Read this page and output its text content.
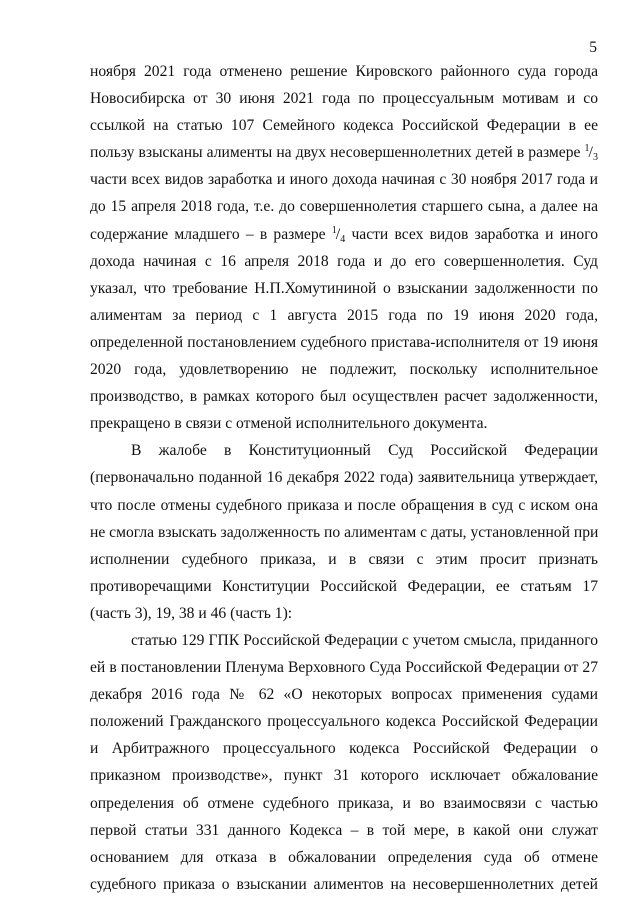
5
ноября 2021 года отменено решение Кировского районного суда города
Новосибирска от 30 июня 2021 года по процессуальным мотивам и со
ссылкой на статью 107 Семейного кодекса Российской Федерации в ее
пользу взысканы алименты на двух несовершеннолетних детей в размере $^1/_3$
части всех видов заработка и иного дохода начиная с 30 ноября 2017 года и
до 15 апреля 2018 года, т.е. до совершеннолетия старшего сына, а далее на
содержание младшего – в размере $^1/_4$ части всех видов заработка и иного
дохода начиная с 16 апреля 2018 года и до его совершеннолетия. Суд
указал, что требование Н.П.Хомутининой о взыскании задолженности по
алиментам за период с 1 августа 2015 года по 19 июня 2020 года,
определенной постановлением судебного пристава-исполнителя от 19 июня
2020 года, удовлетворению не подлежит, поскольку исполнительное
производство, в рамках которого был осуществлен расчет задолженности,
прекращено в связи с отменой исполнительного документа.
В жалобе в Конституционный Суд Российской Федерации
(первоначально поданной 16 декабря 2022 года) заявительница утверждает,
что после отмены судебного приказа и после обращения в суд с иском она
не смогла взыскать задолженность по алиментам с даты, установленной при
исполнении судебного приказа, и в связи с этим просит признать
противоречащими Конституции Российской Федерации, ее статьям 17
(часть 3), 19, 38 и 46 (часть 1):
статью 129 ГПК Российской Федерации с учетом смысла, приданного
ей в постановлении Пленума Верховного Суда Российской Федерации от 27
декабря 2016 года № 62 «О некоторых вопросах применения судами
положений Гражданского процессуального кодекса Российской Федерации
и Арбитражного процессуального кодекса Российской Федерации о
приказном производстве», пункт 31 которого исключает обжалование
определения об отмене судебного приказа, и во взаимосвязи с частью
первой статьи 331 данного Кодекса – в той мере, в какой они служат
основанием для отказа в обжаловании определения суда об отмене
судебного приказа о взыскании алиментов на несовершеннолетних детей
